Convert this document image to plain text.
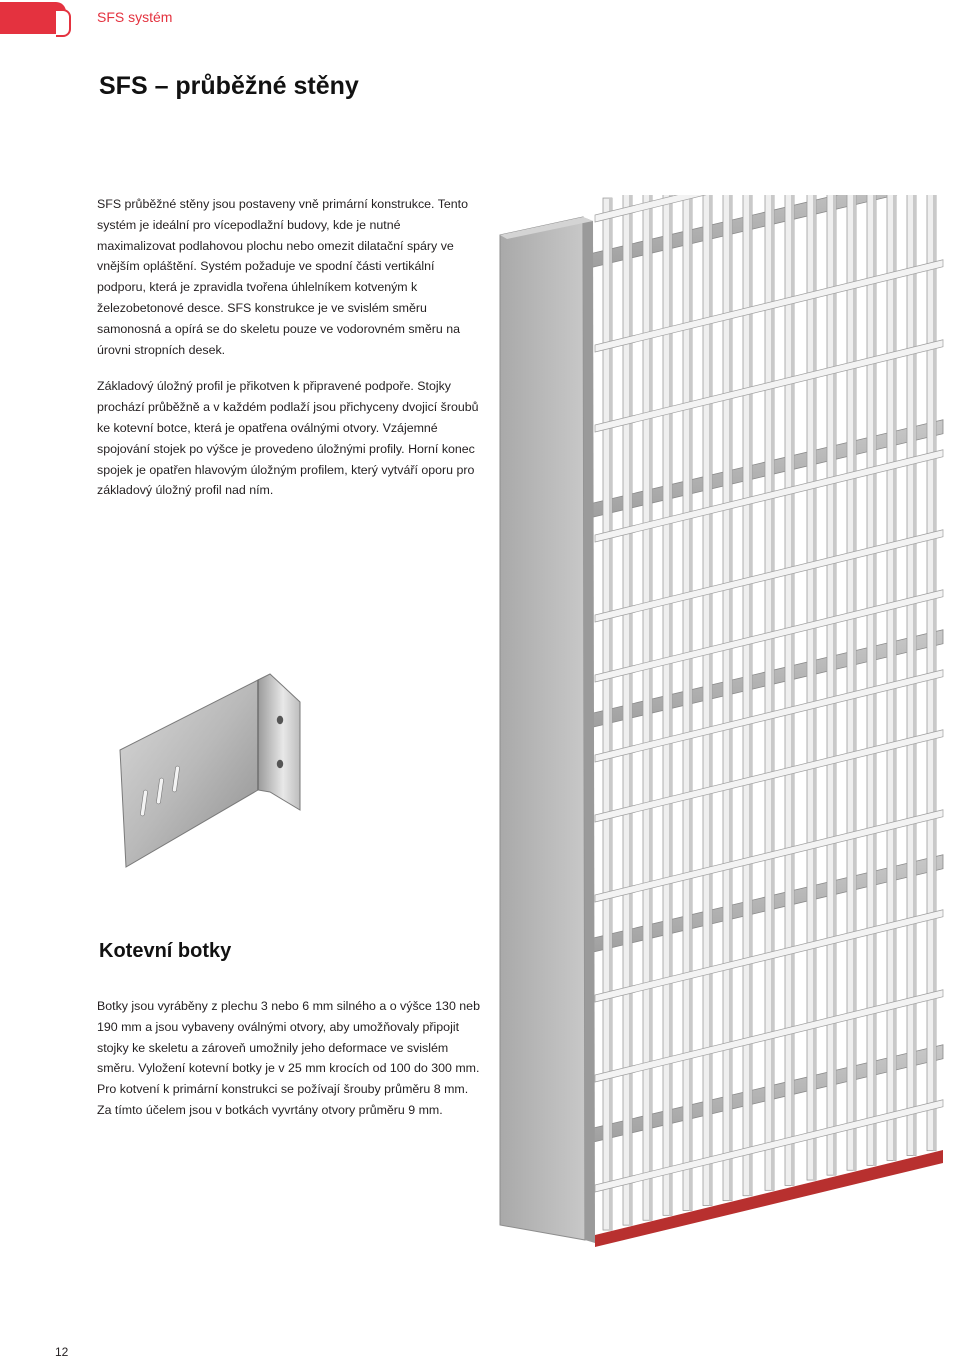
SFS systém
SFS – průběžné stěny

SFS průběžné stěny jsou postaveny vně primární konstrukce. Tento systém je ideální pro vícepodlažní budovy, kde je nutné maximalizovat podlahovou plochu nebo omezit dilatační spáry ve vnějším opláštění. Systém požaduje ve spodní části vertikální podporu, která je zpravidla tvořena úhlelníkem kotveným k železobetonové desce. SFS konstrukce je ve svislém směru samonosná a opírá se do skeletu pouze ve vodorovném směru na úrovni stropních desek.

Základový úložný profil je přikotven k připravené podpoře. Stojky prochází průběžně a v každém podlaží jsou přichyceny dvojicí šroubů ke kotevní botce, která je opatřena oválnými otvory. Vzájemné spojování stojek po výšce je provedeno úložnými profily. Horní konec spojek je opatřen hlavovým úložným profilem, který vytváří oporu pro základový úložný profil nad ním.

Kotevní botky

Botky jsou vyráběny z plechu 3 nebo 6 mm silného a o výšce 130 neb 190 mm a jsou vybaveny oválnými otvory, aby umožňovaly připojit stojky ke skeletu a zároveň umožnily jeho deformace ve svislém směru. Vyložení kotevní botky je v 25 mm krocích od 100 do 300 mm. Pro kotvení k primární konstrukci se požívají šrouby průměru 8 mm. Za tímto účelem jsou v botkách vyvrtány otvory průměru 9 mm.

12
